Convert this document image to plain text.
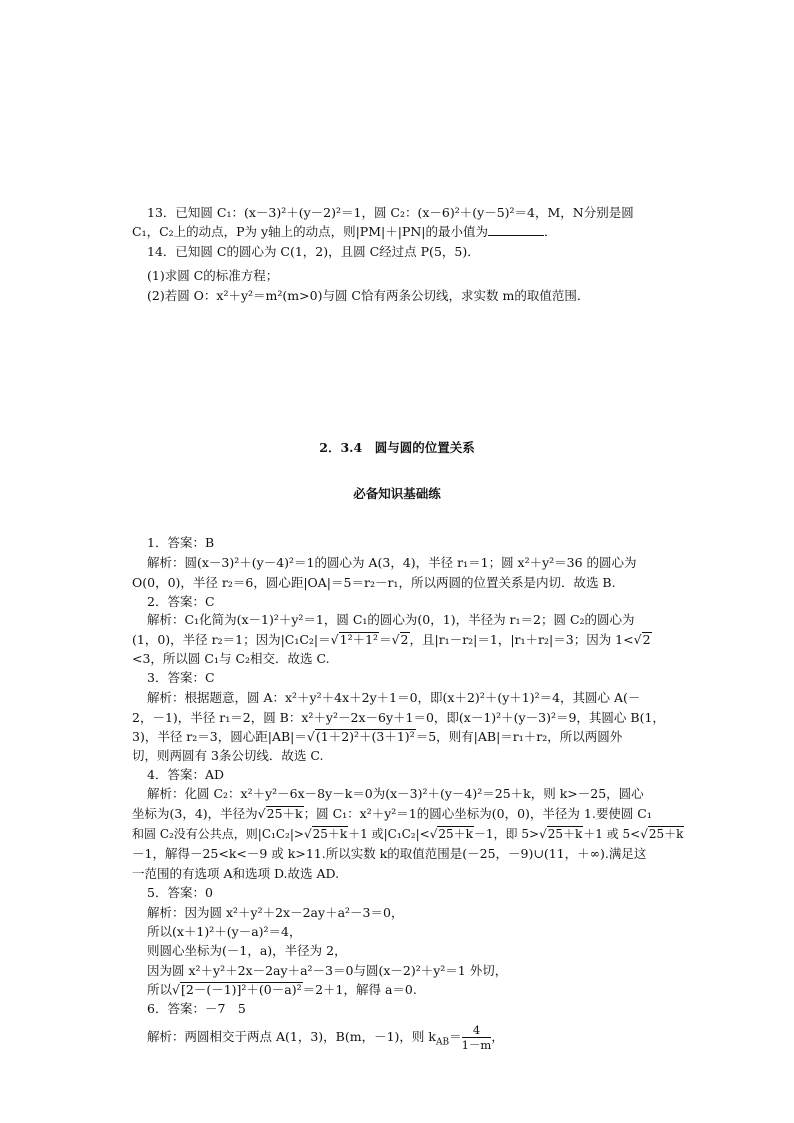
13．已知圆 C₁：(x－3)²＋(y－2)²＝1，圆 C₂：(x－6)²＋(y－5)²＝4，M，N分别是圆
C₁，C₂上的动点，P为 y轴上的动点，则|PM|＋|PN|的最小值为	．
14．已知圆 C的圆心为 C(1，2)，且圆 C经过点 P(5，5)．
(1)求圆 C的标准方程；
(2)若圆 O：x²＋y²＝m²(m>0)与圆 C恰有两条公切线，求实数 m的取值范围．
2．3.4　圆与圆的位置关系
必备知识基础练
1．答案：B
解析：圆(x－3)²＋(y－4)²＝1的圆心为 A(3，4)，半径 r₁＝1；圆 x²＋y²＝36 的圆心为
O(0，0)，半径 r₂＝6，圆心距|OA|＝5＝r₂－r₁，所以两圆的位置关系是内切．故选 B.
2．答案：C
解析：C₁化简为(x－1)²＋y²＝1，圆 C₁的圆心为(0，1)，半径为 r₁＝2；圆 C₂的圆心为
(1，0)，半径 r₂＝1；因为|C₁C₂|＝√1²＋1²＝√2，且|r₁－r₂|＝1，|r₁＋r₂|＝3；因为 1<√2
<3，所以圆 C₁与 C₂相交．故选 C.
3．答案：C
解析：根据题意，圆 A：x²＋y²＋4x＋2y＋1＝0，即(x＋2)²＋(y＋1)²＝4，其圆心 A(－
2，－1)，半径 r₁＝2，圆 B：x²＋y²－2x－6y＋1＝0，即(x－1)²＋(y－3)²＝9，其圆心 B(1，
3)，半径 r₂＝3，圆心距|AB|＝√(1＋2)²＋(3＋1)²＝5，则有|AB|＝r₁＋r₂，所以两圆外
切，则两圆有 3条公切线．故选 C.
4．答案：AD
解析：化圆 C₂：x²＋y²－6x－8y－k＝0为(x－3)²＋(y－4)²＝25＋k，则 k>－25，圆心
坐标为(3，4)，半径为√25＋k；圆 C₁：x²＋y²＝1的圆心坐标为(0，0)，半径为 1.要使圆 C₁
和圆 C₂没有公共点，则|C₁C₂|>√25＋k＋1 或|C₁C₂|<√25＋k－1，即 5>√25＋k＋1 或 5<√25＋k
－1，解得－25<k<－9 或 k>11.所以实数 k的取值范围是(－25，－9)∪(11，＋∞).满足这
一范围的有选项 A和选项 D.故选 AD.
5．答案：0
解析：因为圆 x²＋y²＋2x－2ay＋a²－3＝0，
所以(x＋1)²＋(y－a)²＝4，
则圆心坐标为(－1，a)，半径为 2，
因为圆 x²＋y²＋2x－2ay＋a²－3＝0与圆(x－2)²＋y²＝1 外切，
所以√[2－(－1)]²＋(0－a)²＝2＋1，解得 a＝0.
6．答案：－7　5
解析：两圆相交于两点 A(1，3)，B(m，－1)，则 $k_{AB}= \frac{4}{1-m}$ ，
